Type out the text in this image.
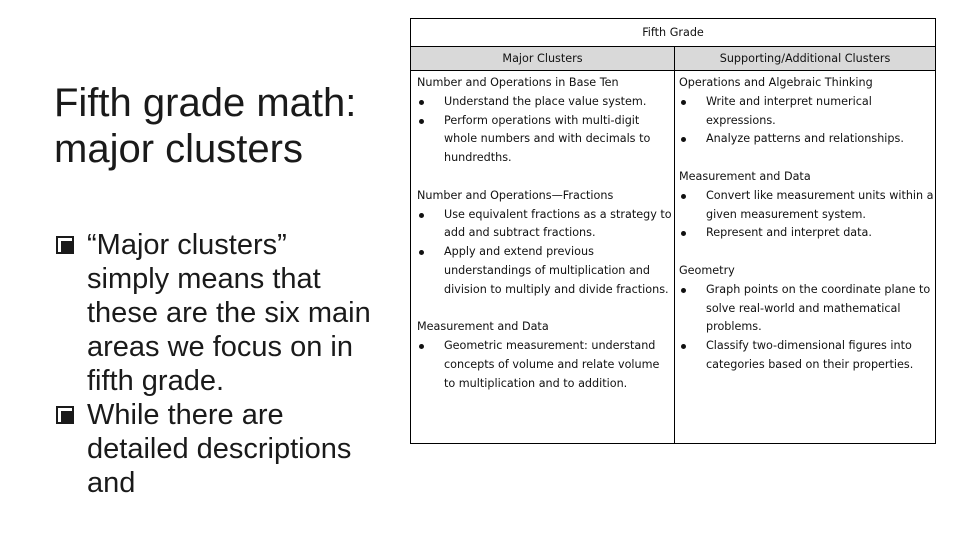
Fifth grade math: major clusters
“Major clusters” simply means that these are the six main areas we focus on in fifth grade.
While there are detailed descriptions and
Fifth Grade
Major Clusters	Supporting/Additional Clusters
Number and Operations in Base Ten
Understand the place value system.
Perform operations with multi-digit whole numbers and with decimals to hundredths.
Number and Operations—Fractions
Use equivalent fractions as a strategy to add and subtract fractions.
Apply and extend previous understandings of multiplication and division to multiply and divide fractions.
Measurement and Data
Geometric measurement: understand concepts of volume and relate volume to multiplication and to addition.
Operations and Algebraic Thinking
Write and interpret numerical expressions.
Analyze patterns and relationships.
Measurement and Data
Convert like measurement units within a given measurement system.
Represent and interpret data.
Geometry
Graph points on the coordinate plane to solve real-world and mathematical problems.
Classify two-dimensional figures into categories based on their properties.
